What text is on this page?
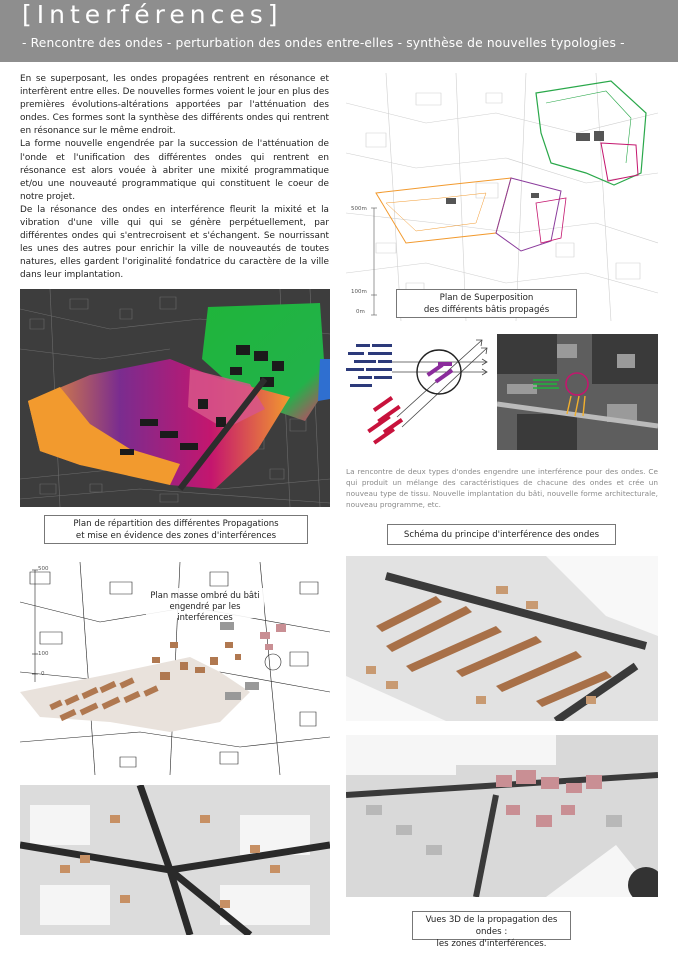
[Interférences]
- Rencontre des ondes - perturbation des ondes entre-elles - synthèse de nouvelles typologies -

En se superposant, les ondes propagées rentrent en résonance et interfèrent entre elles. De nouvelles formes voient le jour en plus des premières évolutions-altérations apportées par l'atténuation des ondes. Ces formes sont la synthèse des différents ondes qui rentrent en résonance sur le même endroit.

La forme nouvelle engendrée par la succession de l'atténuation de l'onde et l'unification des différentes ondes qui rentrent en résonance est alors vouée à abriter une mixité programmatique et/ou une nouveauté programmatique qui constituent le coeur de notre projet.

De la résonance des ondes en interférence fleurit la mixité et la vibration d'une ville qui qui se génère perpétuellement, par différentes ondes qui s'entrecroisent et s'échangent. Se nourrissant les unes des autres pour enrichir la ville de nouveautés de toutes natures, elles gardent l'originalité fondatrice du caractère de la ville dans leur implantation.

500m
100m
0m
Plan de Superposition
des différents bâtis propagés
Plan de répartition des différentes Propagations
et mise en évidence des zones d'interférences
La rencontre de deux types d'ondes engendre une interférence pour des ondes. Ce qui produit un mélange des caractéristiques de chacune des ondes et crée un nouveau type de tissu. Nouvelle implantation du bâti, nouvelle forme architecturale, nouveau programme, etc.
Schéma du principe d'interférence des ondes
500
100
0
Plan masse ombré du bâti
engendré par les interférences
Vues 3D de la propagation des ondes :
les zones d'interférences.
